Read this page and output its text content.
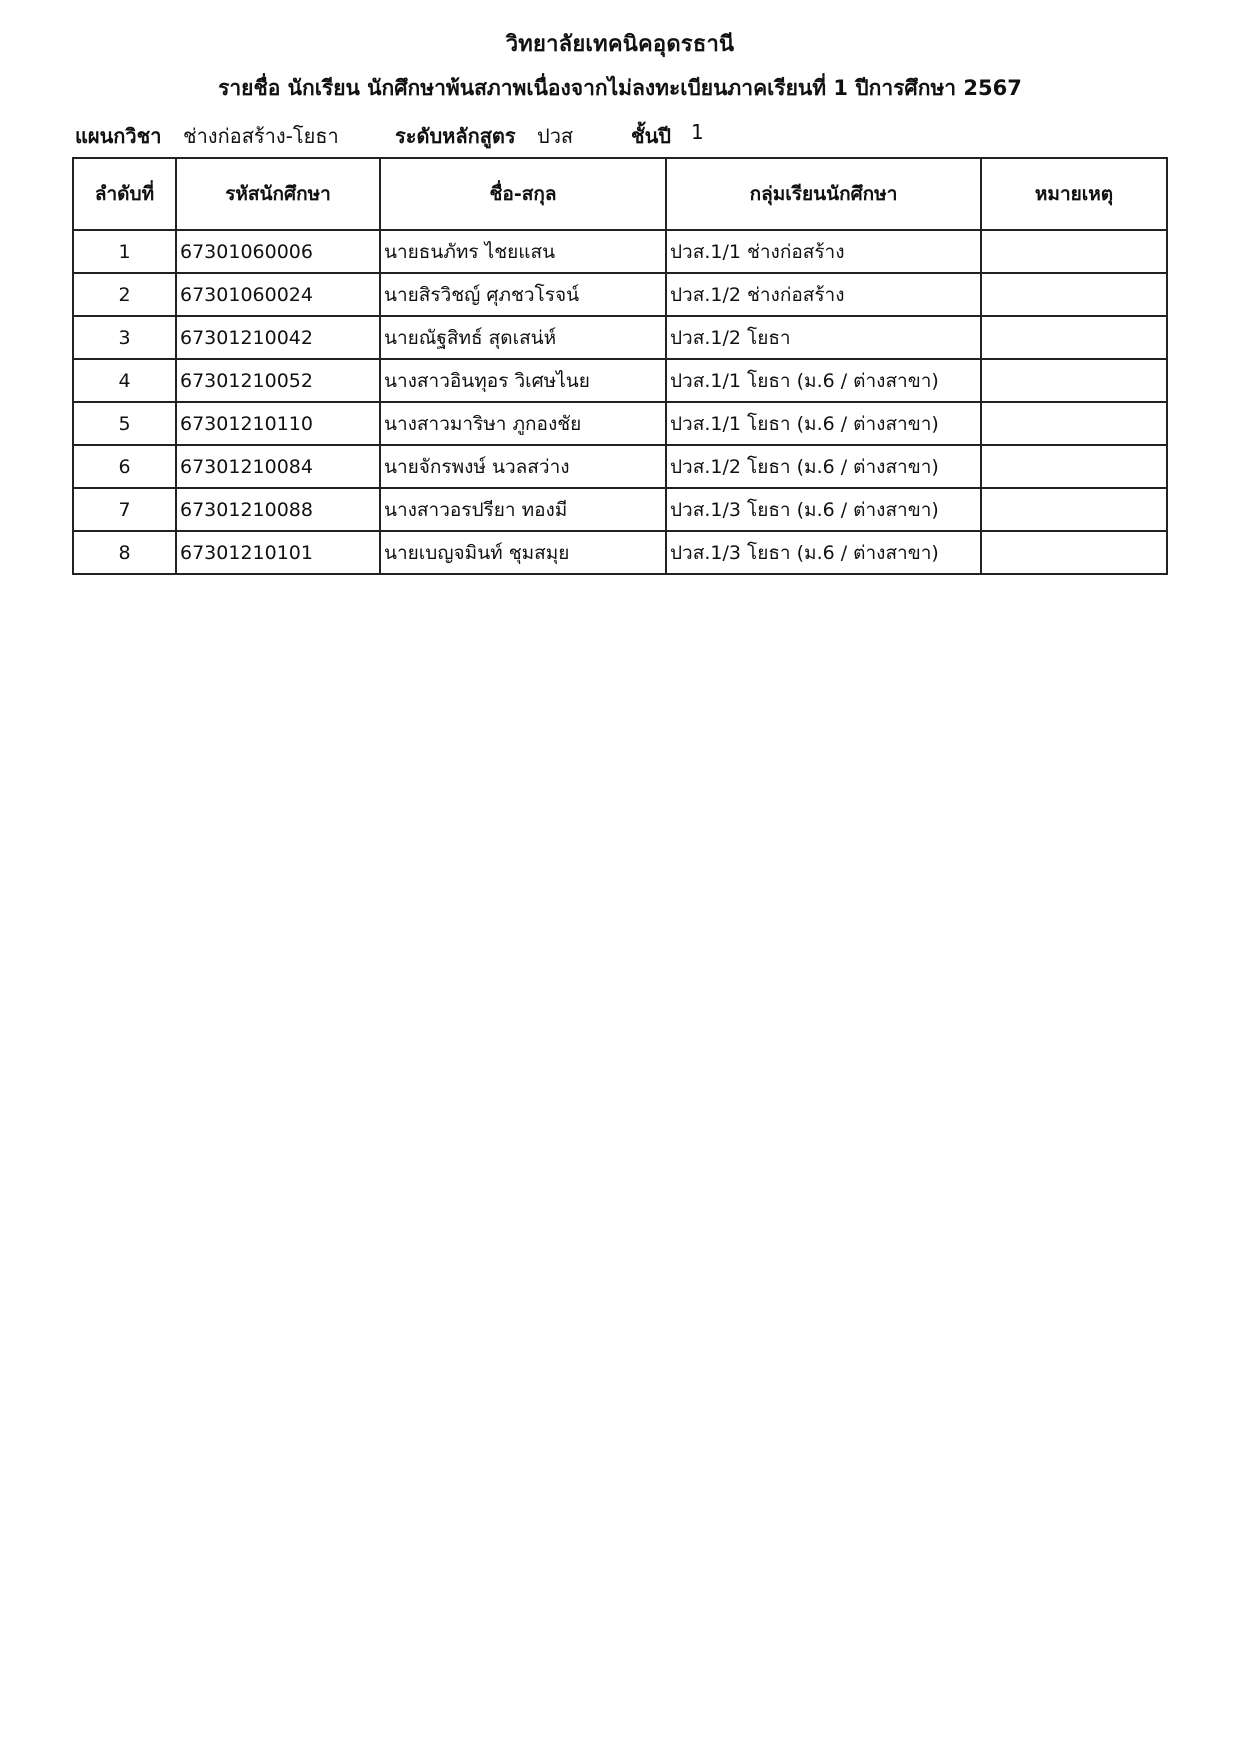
วิทยาลัยเทคนิคอุดรธานี
รายชื่อ นักเรียน นักศึกษาพ้นสภาพเนื่องจากไม่ลงทะเบียนภาคเรียนที่ 1 ปีการศึกษา 2567
แผนกวิชา ช่างก่อสร้าง-โยธา	ระดับหลักสูตร ปวส	ชั้นปี 1
ลำดับที่	รหัสนักศึกษา	ชื่อ-สกุล	กลุ่มเรียนนักศึกษา	หมายเหตุ
1	67301060006	นายธนภัทร ไชยแสน	ปวส.1/1 ช่างก่อสร้าง	
2	67301060024	นายสิรวิชญ์ ศุภชวโรจน์	ปวส.1/2 ช่างก่อสร้าง	
3	67301210042	นายณัฐสิทธ์ สุดเสน่ห์	ปวส.1/2 โยธา	
4	67301210052	นางสาวอินทุอร วิเศษไนย	ปวส.1/1 โยธา (ม.6 / ต่างสาขา)	
5	67301210110	นางสาวมาริษา ภูกองชัย	ปวส.1/1 โยธา (ม.6 / ต่างสาขา)	
6	67301210084	นายจักรพงษ์ นวลสว่าง	ปวส.1/2 โยธา (ม.6 / ต่างสาขา)	
7	67301210088	นางสาวอรปรียา ทองมี	ปวส.1/3 โยธา (ม.6 / ต่างสาขา)	
8	67301210101	นายเบญจมินท์ ชุมสมุย	ปวส.1/3 โยธา (ม.6 / ต่างสาขา)	
